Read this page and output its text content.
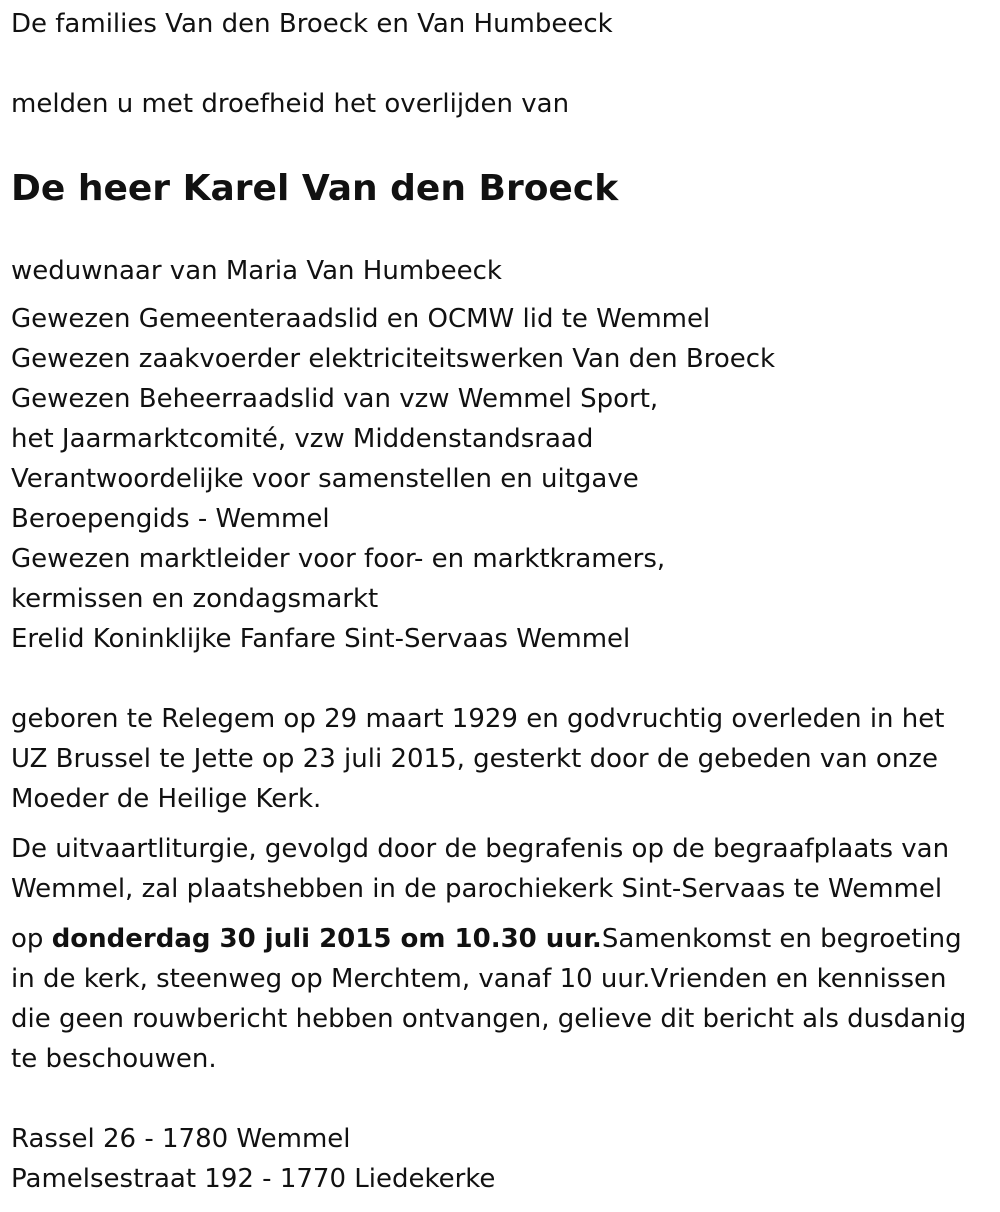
De families Van den Broeck en Van Humbeeck

melden u met droefheid het overlijden van

De heer Karel Van den Broeck

weduwnaar van Maria Van Humbeeck

Gewezen Gemeenteraadslid en OCMW lid te Wemmel

Gewezen zaakvoerder elektriciteitswerken Van den Broeck

Gewezen Beheerraadslid van vzw Wemmel Sport,

het Jaarmarktcomité, vzw Middenstandsraad

Verantwoordelijke voor samenstellen en uitgave

Beroepengids - Wemmel

Gewezen marktleider voor foor- en marktkramers,

kermissen en zondagsmarkt

Erelid Koninklijke Fanfare Sint-Servaas Wemmel

geboren te Relegem op 29 maart 1929 en godvruchtig overleden in het UZ Brussel te Jette op 23 juli 2015, gesterkt door de gebeden van onze Moeder de Heilige Kerk.

De uitvaartliturgie, gevolgd door de begrafenis op de begraafplaats van Wemmel, zal plaatshebben in de parochiekerk Sint-Servaas te Wemmel

op donderdag 30 juli 2015 om 10.30 uur.Samenkomst en begroeting in de kerk, steenweg op Merchtem, vanaf 10 uur.Vrienden en kennissen die geen rouwbericht hebben ontvangen, gelieve dit bericht als dusdanig te beschouwen.

Rassel 26 - 1780 Wemmel

Pamelsestraat 192 - 1770 Liedekerke
